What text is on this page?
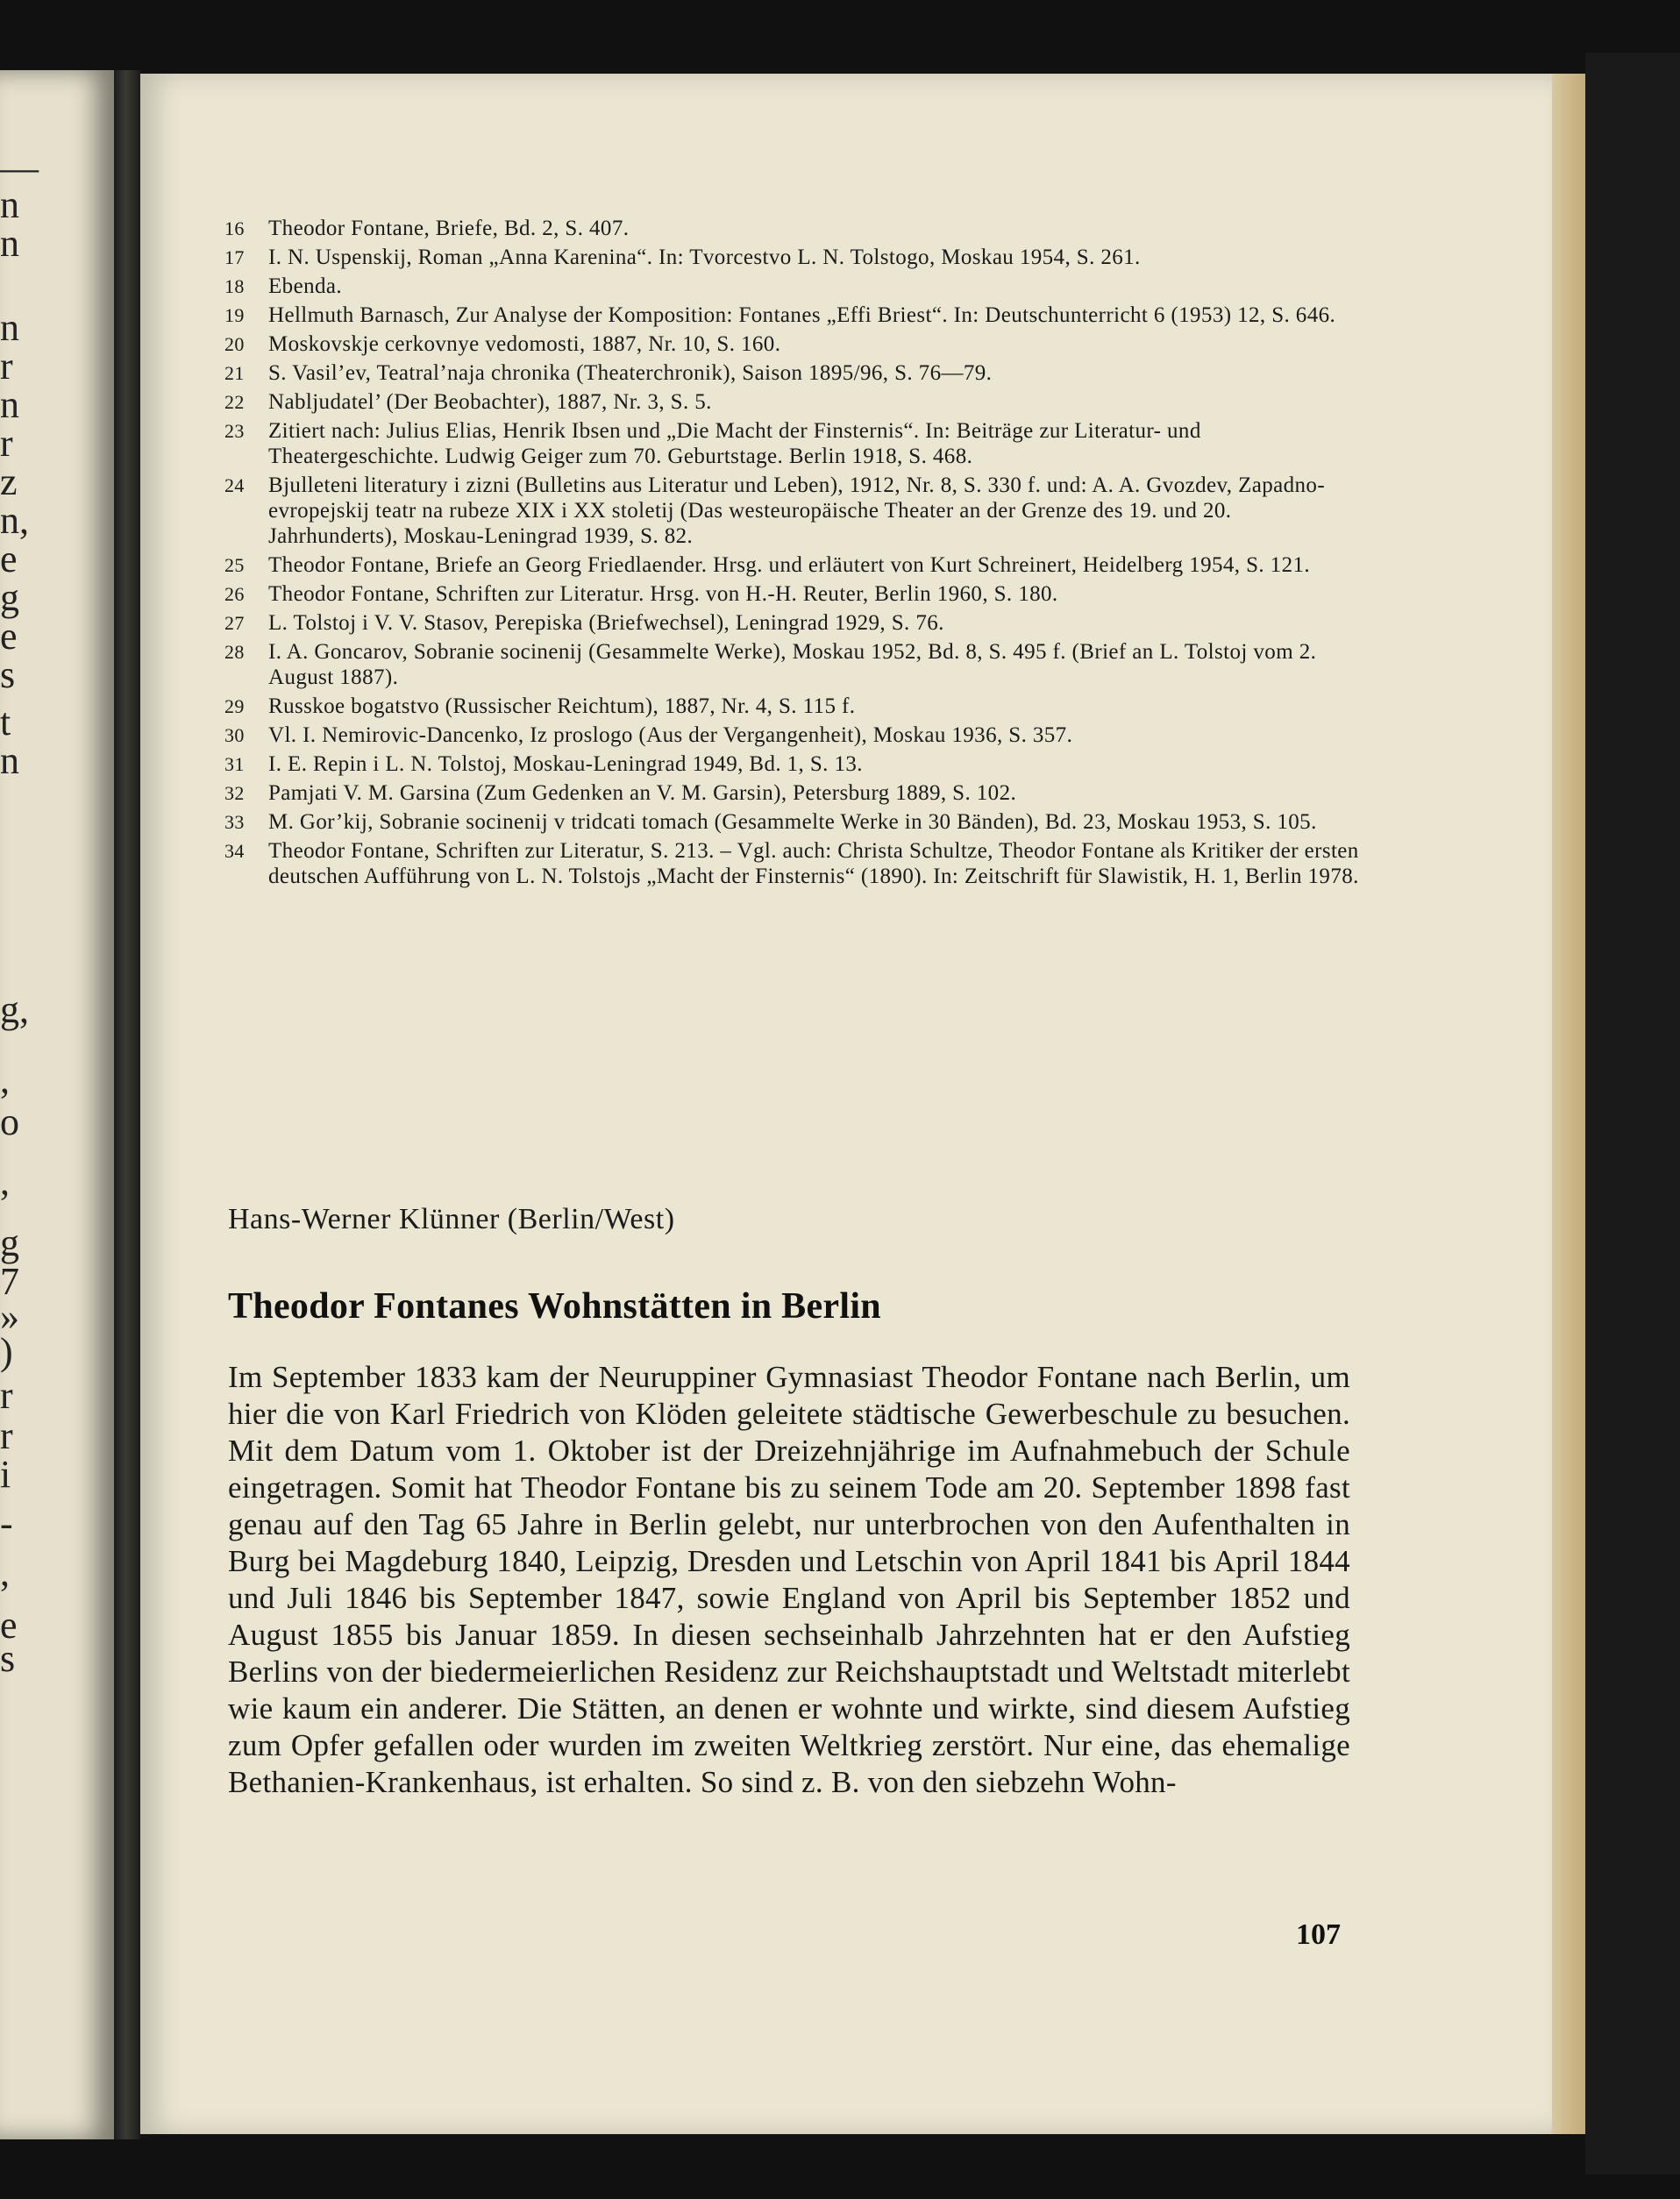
—
n
n
n
r
n
r
z
n,
e
g
e
s
t
n
g,
,
o
,
g
7
»
)
r
r
i
-
,
e
s
16	Theodor Fontane, Briefe, Bd. 2, S. 407.
17	I. N. Uspenskij, Roman „Anna Karenina“. In: Tvorcestvo L. N. Tolstogo, Moskau 1954, S. 261.
18	Ebenda.
19	Hellmuth Barnasch, Zur Analyse der Komposition: Fontanes „Effi Briest“. In: Deutschunterricht 6 (1953) 12, S. 646.
20	Moskovskje cerkovnye vedomosti, 1887, Nr. 10, S. 160.
21	S. Vasil’ev, Teatral’naja chronika (Theaterchronik), Saison 1895/96, S. 76—79.
22	Nabljudatel’ (Der Beobachter), 1887, Nr. 3, S. 5.
23	Zitiert nach: Julius Elias, Henrik Ibsen und „Die Macht der Finsternis“. In: Beiträge zur Literatur- und Theatergeschichte. Ludwig Geiger zum 70. Geburtstage. Berlin 1918, S. 468.
24	Bjulleteni literatury i zizni (Bulletins aus Literatur und Leben), 1912, Nr. 8, S. 330 f. und: A. A. Gvozdev, Zapadno-evropejskij teatr na rubeze XIX i XX stoletij (Das westeuropäische Theater an der Grenze des 19. und 20. Jahrhunderts), Moskau-Leningrad 1939, S. 82.
25	Theodor Fontane, Briefe an Georg Friedlaender. Hrsg. und erläutert von Kurt Schreinert, Heidelberg 1954, S. 121.
26	Theodor Fontane, Schriften zur Literatur. Hrsg. von H.-H. Reuter, Berlin 1960, S. 180.
27	L. Tolstoj i V. V. Stasov, Perepiska (Briefwechsel), Leningrad 1929, S. 76.
28	I. A. Goncarov, Sobranie socinenij (Gesammelte Werke), Moskau 1952, Bd. 8, S. 495 f. (Brief an L. Tolstoj vom 2. August 1887).
29	Russkoe bogatstvo (Russischer Reichtum), 1887, Nr. 4, S. 115 f.
30	Vl. I. Nemirovic-Dancenko, Iz proslogo (Aus der Vergangenheit), Moskau 1936, S. 357.
31	I. E. Repin i L. N. Tolstoj, Moskau-Leningrad 1949, Bd. 1, S. 13.
32	Pamjati V. M. Garsina (Zum Gedenken an V. M. Garsin), Petersburg 1889, S. 102.
33	M. Gor’kij, Sobranie socinenij v tridcati tomach (Gesammelte Werke in 30 Bänden), Bd. 23, Moskau 1953, S. 105.
34	Theodor Fontane, Schriften zur Literatur, S. 213. – Vgl. auch: Christa Schultze, Theodor Fontane als Kritiker der ersten deutschen Aufführung von L. N. Tolstojs „Macht der Finsternis“ (1890). In: Zeitschrift für Slawistik, H. 1, Berlin 1978.
Hans-Werner Klünner (Berlin/West)
Theodor Fontanes Wohnstätten in Berlin
Im September 1833 kam der Neuruppiner Gymnasiast Theodor Fontane nach Berlin, um hier die von Karl Friedrich von Klöden geleitete städtische Gewerbeschule zu besuchen. Mit dem Datum vom 1. Oktober ist der Dreizehnjährige im Aufnahmebuch der Schule eingetragen. Somit hat Theodor Fontane bis zu seinem Tode am 20. September 1898 fast genau auf den Tag 65 Jahre in Berlin gelebt, nur unterbrochen von den Aufenthalten in Burg bei Magdeburg 1840, Leipzig, Dresden und Letschin von April 1841 bis April 1844 und Juli 1846 bis September 1847, sowie England von April bis September 1852 und August 1855 bis Januar 1859. In diesen sechseinhalb Jahrzehnten hat er den Aufstieg Berlins von der biedermeierlichen Residenz zur Reichshauptstadt und Weltstadt miterlebt wie kaum ein anderer. Die Stätten, an denen er wohnte und wirkte, sind diesem Aufstieg zum Opfer gefallen oder wurden im zweiten Weltkrieg zerstört. Nur eine, das ehemalige Bethanien-Krankenhaus, ist erhalten. So sind z. B. von den siebzehn Wohn-
107
